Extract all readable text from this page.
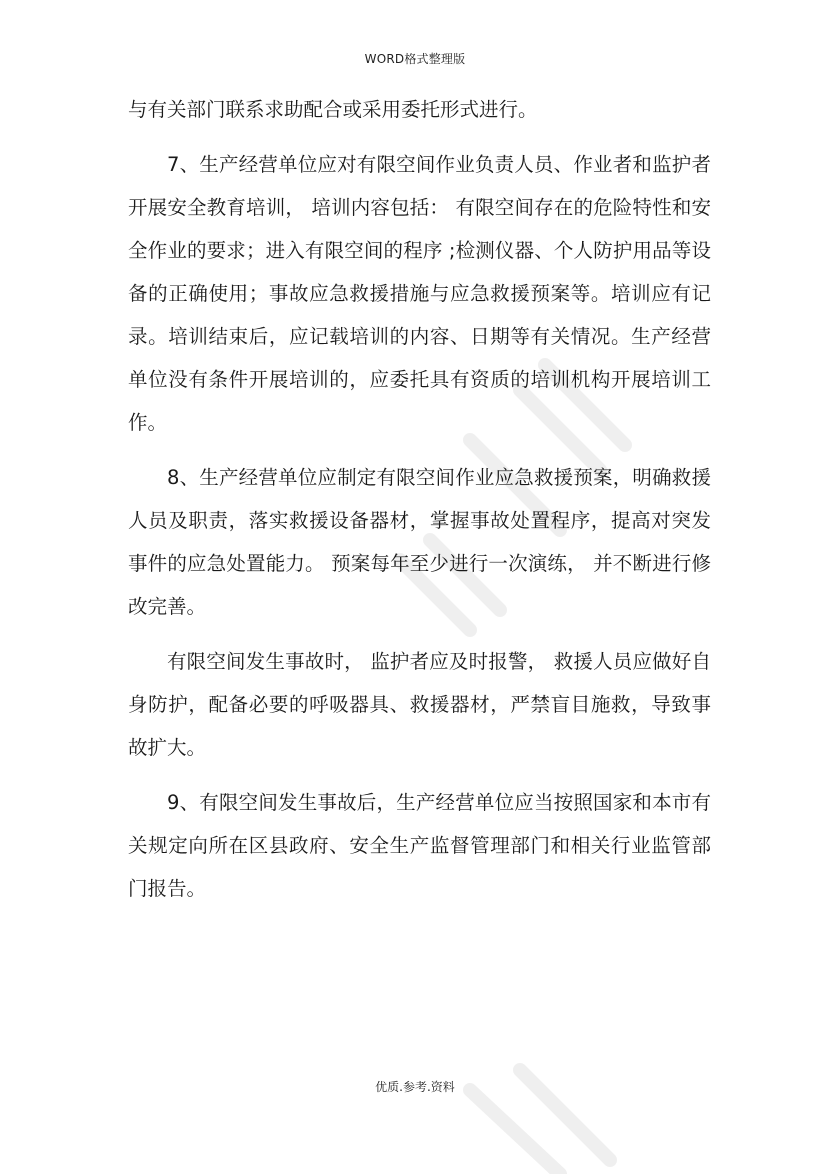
WORD格式整理版

与有关部门联系求助配合或采用委托形式进行。

7、生产经营单位应对有限空间作业负责人员、作业者和监护者开展安全教育培训， 培训内容包括： 有限空间存在的危险特性和安全作业的要求；进入有限空间的程序 ;检测仪器、个人防护用品等设备的正确使用；事故应急救援措施与应急救援预案等。培训应有记录。培训结束后，应记载培训的内容、日期等有关情况。生产经营单位没有条件开展培训的，应委托具有资质的培训机构开展培训工作。

8、生产经营单位应制定有限空间作业应急救援预案，明确救援人员及职责，落实救援设备器材，掌握事故处置程序，提高对突发事件的应急处置能力。 预案每年至少进行一次演练， 并不断进行修改完善。

有限空间发生事故时， 监护者应及时报警， 救援人员应做好自身防护，配备必要的呼吸器具、救援器材，严禁盲目施救，导致事故扩大。

9、有限空间发生事故后，生产经营单位应当按照国家和本市有关规定向所在区县政府、安全生产监督管理部门和相关行业监管部门报告。

优质.参考.资料
